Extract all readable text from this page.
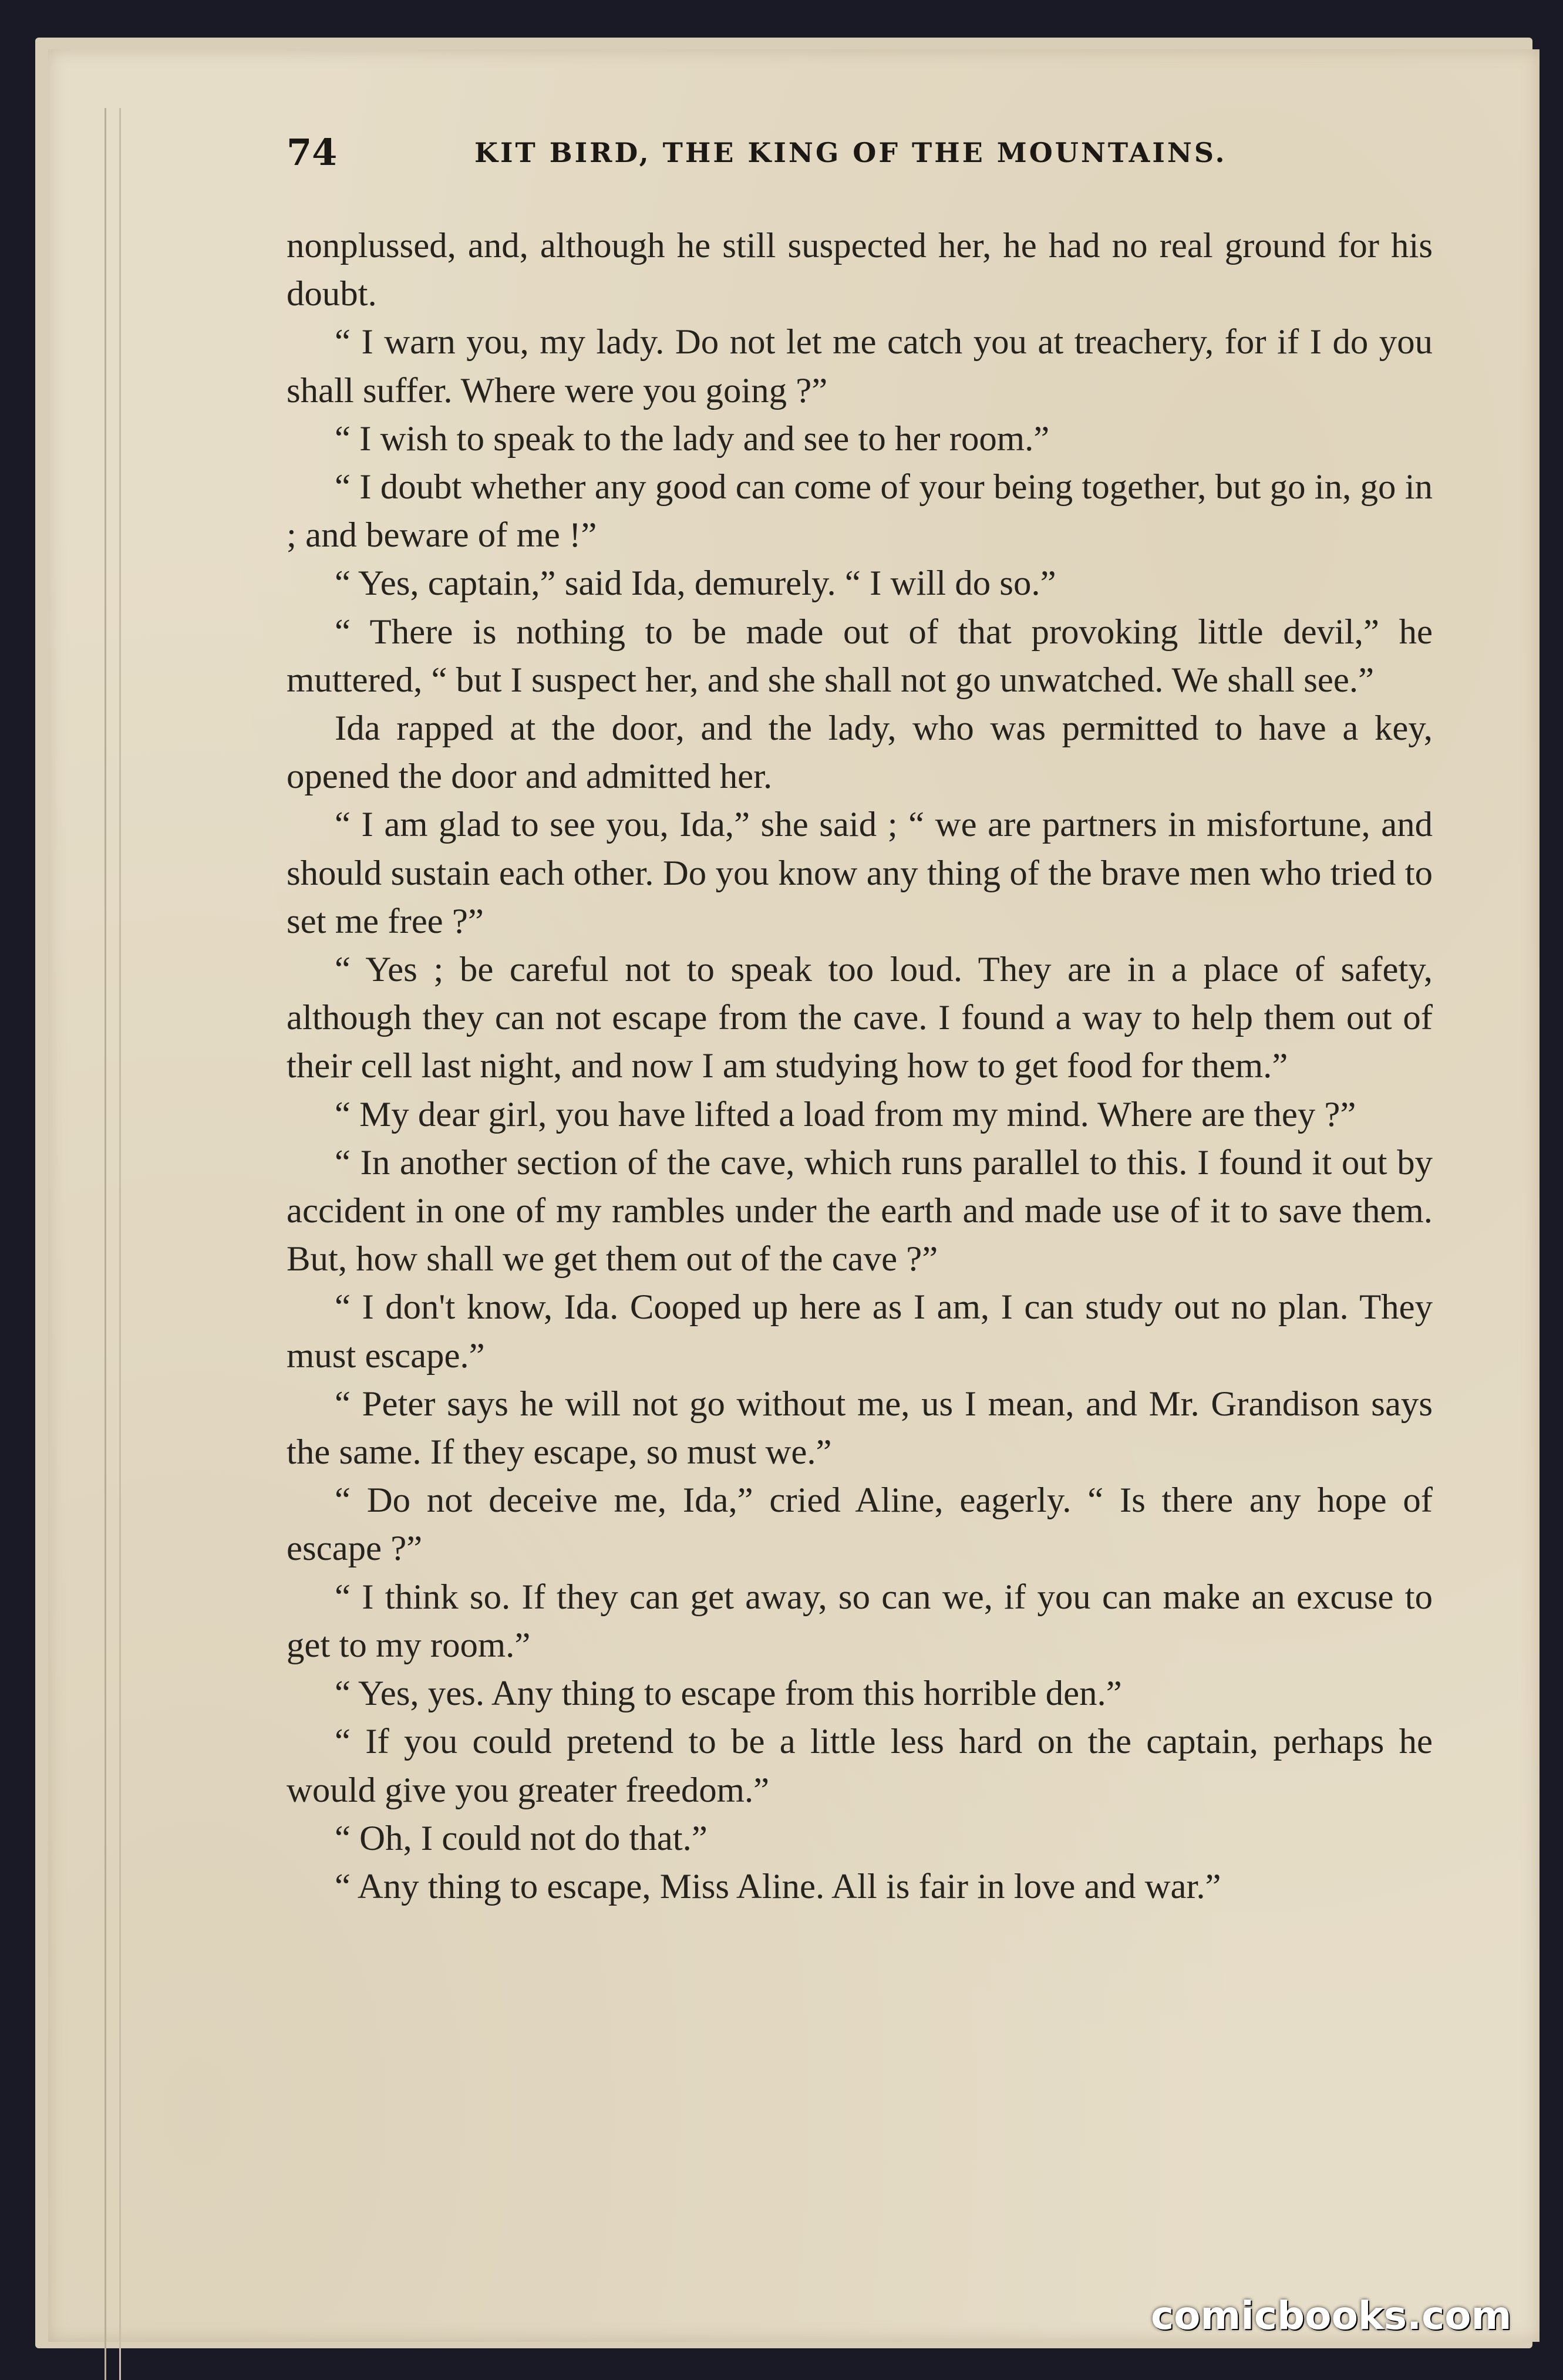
74	KIT BIRD, THE KING OF THE MOUNTAINS.

nonplussed, and, although he still suspected her, he had no real ground for his doubt.

“ I warn you, my lady. Do not let me catch you at treachery, for if I do you shall suffer. Where were you going ?”

“ I wish to speak to the lady and see to her room.”

“ I doubt whether any good can come of your being together, but go in, go in ; and beware of me !”

“ Yes, captain,” said Ida, demurely. “ I will do so.”

“ There is nothing to be made out of that provoking little devil,” he muttered, “ but I suspect her, and she shall not go unwatched. We shall see.”

Ida rapped at the door, and the lady, who was permitted to have a key, opened the door and admitted her.

“ I am glad to see you, Ida,” she said ; “ we are partners in misfortune, and should sustain each other. Do you know any thing of the brave men who tried to set me free ?”

“ Yes ; be careful not to speak too loud. They are in a place of safety, although they can not escape from the cave. I found a way to help them out of their cell last night, and now I am studying how to get food for them.”

“ My dear girl, you have lifted a load from my mind. Where are they ?”

“ In another section of the cave, which runs parallel to this. I found it out by accident in one of my rambles under the earth and made use of it to save them. But, how shall we get them out of the cave ?”

“ I don't know, Ida. Cooped up here as I am, I can study out no plan. They must escape.”

“ Peter says he will not go without me, us I mean, and Mr. Grandison says the same. If they escape, so must we.”

“ Do not deceive me, Ida,” cried Aline, eagerly. “ Is there any hope of escape ?”

“ I think so. If they can get away, so can we, if you can make an excuse to get to my room.”

“ Yes, yes. Any thing to escape from this horrible den.”

“ If you could pretend to be a little less hard on the captain, perhaps he would give you greater freedom.”

“ Oh, I could not do that.”

“ Any thing to escape, Miss Aline. All is fair in love and war.”

comicbooks.com
